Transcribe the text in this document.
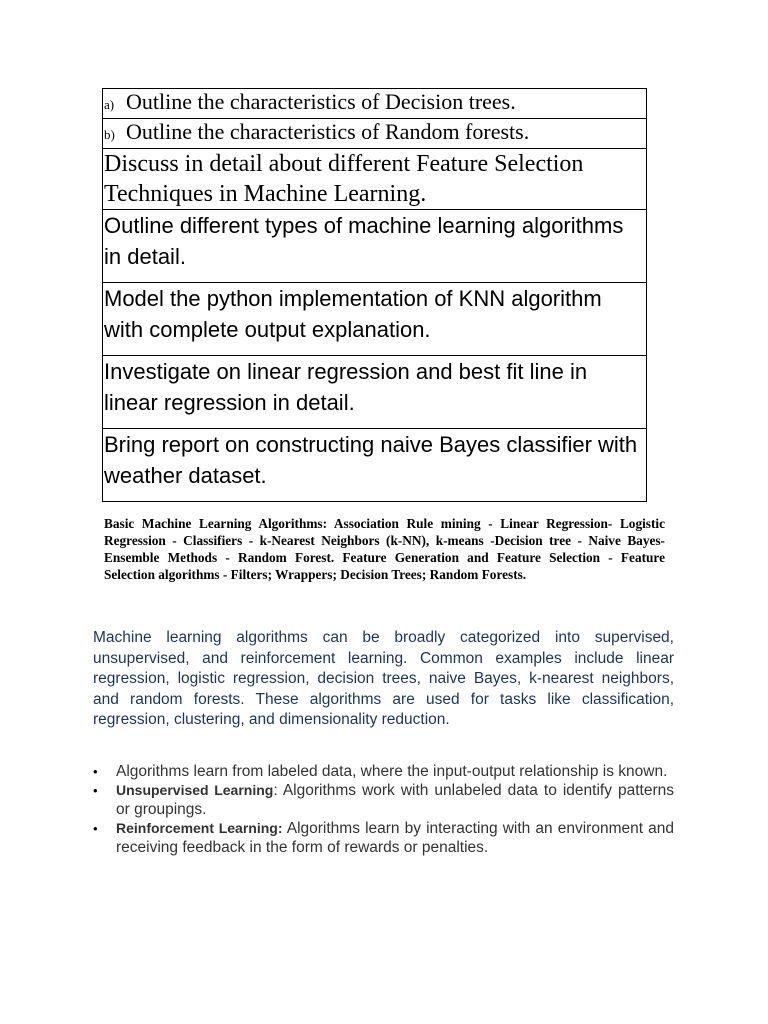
a) Outline the characteristics of Decision trees.
b) Outline the characteristics of Random forests.
Discuss in detail about different Feature Selection Techniques in Machine Learning.
Outline different types of machine learning algorithms in detail.
Model the python implementation of KNN algorithm with complete output explanation.
Investigate on linear regression and best fit line in linear regression in detail.
Bring report on constructing naive Bayes classifier with weather dataset.

Basic Machine Learning Algorithms: Association Rule mining - Linear Regression- Logistic Regression - Classifiers - k-Nearest Neighbors (k-NN), k-means -Decision tree - Naive Bayes- Ensemble Methods - Random Forest. Feature Generation and Feature Selection - Feature Selection algorithms - Filters; Wrappers; Decision Trees; Random Forests.

Machine learning algorithms can be broadly categorized into supervised, unsupervised, and reinforcement learning. Common examples include linear regression, logistic regression, decision trees, naive Bayes, k-nearest neighbors, and random forests. These algorithms are used for tasks like classification, regression, clustering, and dimensionality reduction.

• Algorithms learn from labeled data, where the input-output relationship is known.
• Unsupervised Learning: Algorithms work with unlabeled data to identify patterns or groupings.
• Reinforcement Learning: Algorithms learn by interacting with an environment and receiving feedback in the form of rewards or penalties.
